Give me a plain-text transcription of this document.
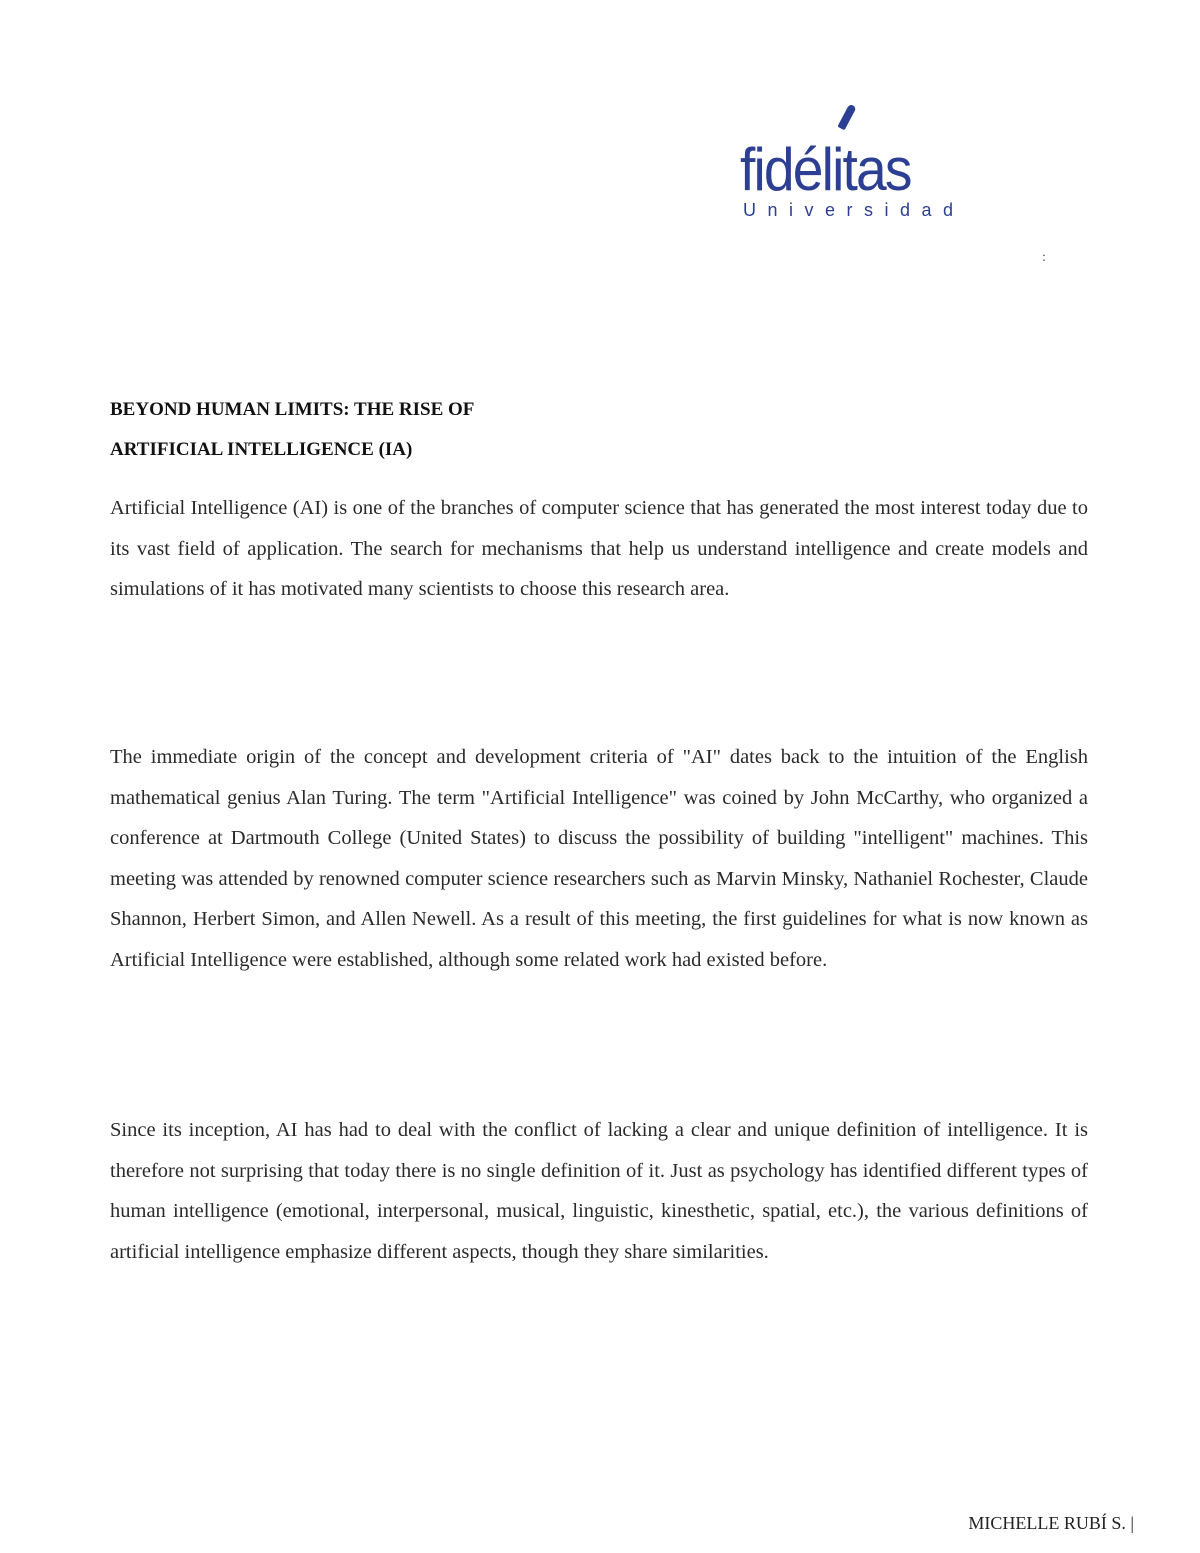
fidélitas
Universidad
:
BEYOND HUMAN LIMITS: THE RISE OF
ARTIFICIAL INTELLIGENCE (IA)

Artificial Intelligence (AI) is one of the branches of computer science that has generated the most interest today due to its vast field of application. The search for mechanisms that help us understand intelligence and create models and simulations of it has motivated many scientists to choose this research area.

The immediate origin of the concept and development criteria of "AI" dates back to the intuition of the English mathematical genius Alan Turing. The term "Artificial Intelligence" was coined by John McCarthy, who organized a conference at Dartmouth College (United States) to discuss the possibility of building "intelligent" machines. This meeting was attended by renowned computer science researchers such as Marvin Minsky, Nathaniel Rochester, Claude Shannon, Herbert Simon, and Allen Newell. As a result of this meeting, the first guidelines for what is now known as Artificial Intelligence were established, although some related work had existed before.

Since its inception, AI has had to deal with the conflict of lacking a clear and unique definition of intelligence. It is therefore not surprising that today there is no single definition of it. Just as psychology has identified different types of human intelligence (emotional, interpersonal, musical, linguistic, kinesthetic, spatial, etc.), the various definitions of artificial intelligence emphasize different aspects, though they share similarities.

MICHELLE RUBÍ S. |
